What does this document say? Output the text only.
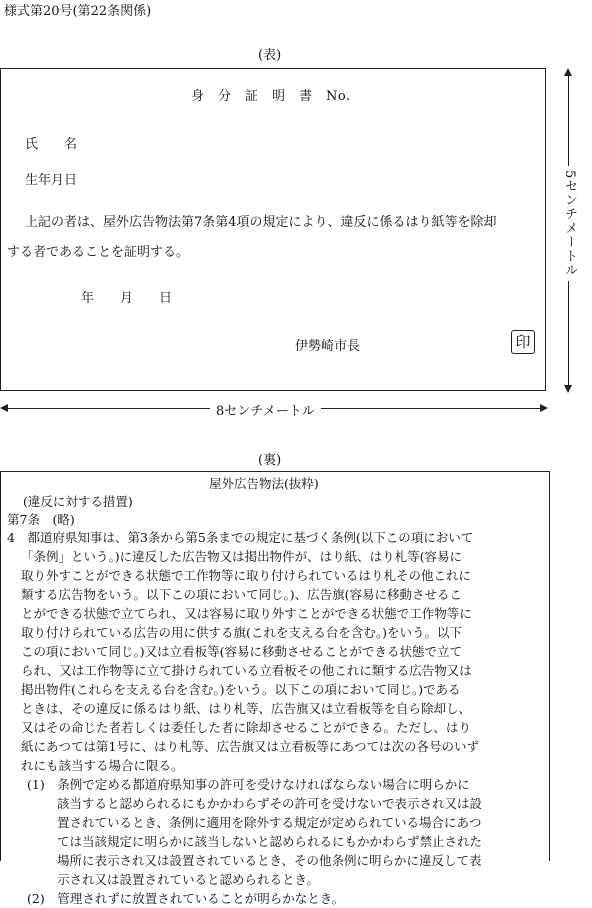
様式第20号(第22条関係)
(表)
身　分　証　明　書　No.
氏　　名
生年月日
上記の者は、屋外広告物法第7条第4項の規定により、違反に係るはり紙等を除却
する者であることを証明する。
年　　月　　日
伊勢崎市長	印
5センチメートル
8センチメートル
(裏)
屋外広告物法(抜粋)
(違反に対する措置)
第7条　(略)
4　都道府県知事は、第3条から第5条までの規定に基づく条例(以下この項において
「条例」という。)に違反した広告物又は掲出物件が、はり紙、はり札等(容易に
取り外すことができる状態で工作物等に取り付けられているはり札その他これに
類する広告物をいう。以下この項において同じ。)、広告旗(容易に移動させるこ
とができる状態で立てられ、又は容易に取り外すことができる状態で工作物等に
取り付けられている広告の用に供する旗(これを支える台を含む。)をいう。以下
この項において同じ。)又は立看板等(容易に移動させることができる状態で立て
られ、又は工作物等に立て掛けられている立看板その他これに類する広告物又は
掲出物件(これらを支える台を含む。)をいう。以下この項において同じ。)である
ときは、その違反に係るはり紙、はり札等、広告旗又は立看板等を自ら除却し、
又はその命じた者若しくは委任した者に除却させることができる。ただし、はり
紙にあつては第1号に、はり札等、広告旗又は立看板等にあつては次の各号のいず
れにも該当する場合に限る。
(1)　条例で定める都道府県知事の許可を受けなければならない場合に明らかに
該当すると認められるにもかかわらずその許可を受けないで表示され又は設
置されているとき、条例に適用を除外する規定が定められている場合にあつ
ては当該規定に明らかに該当しないと認められるにもかかわらず禁止された
場所に表示され又は設置されているとき、その他条例に明らかに違反して表
示され又は設置されていると認められるとき。
(2)　管理されずに放置されていることが明らかなとき。
